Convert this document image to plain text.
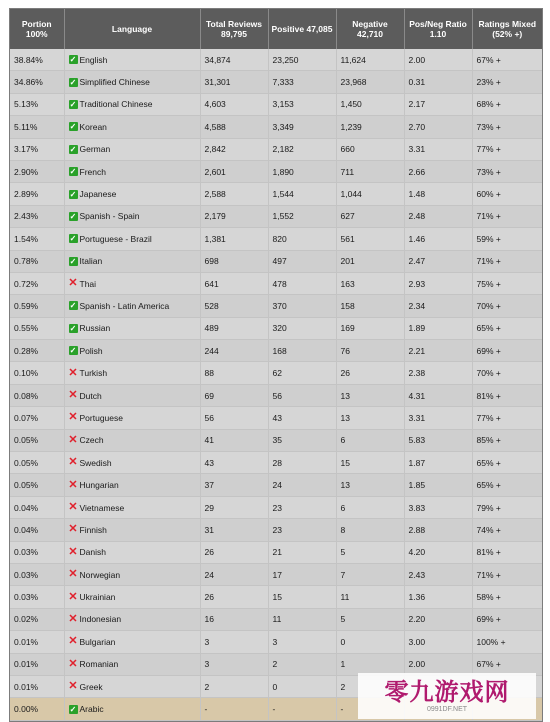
Portion 100%	Language	Total Reviews 89,795	Positive 47,085	Negative 42,710	Pos/Neg Ratio 1.10	Ratings Mixed (52% +)
38.84%	✓ English	34,874	23,250	11,624	2.00	67% +
34.86%	✓ Simplified Chinese	31,301	7,333	23,968	0.31	23% +
5.13%	✓ Traditional Chinese	4,603	3,153	1,450	2.17	68% +
5.11%	✓ Korean	4,588	3,349	1,239	2.70	73% +
3.17%	✓ German	2,842	2,182	660	3.31	77% +
2.90%	✓ French	2,601	1,890	711	2.66	73% +
2.89%	✓ Japanese	2,588	1,544	1,044	1.48	60% +
2.43%	✓ Spanish - Spain	2,179	1,552	627	2.48	71% +
1.54%	✓ Portuguese - Brazil	1,381	820	561	1.46	59% +
0.78%	✓ Italian	698	497	201	2.47	71% +
0.72%	✕ Thai	641	478	163	2.93	75% +
0.59%	✓ Spanish - Latin America	528	370	158	2.34	70% +
0.55%	✓ Russian	489	320	169	1.89	65% +
0.28%	✓ Polish	244	168	76	2.21	69% +
0.10%	✕ Turkish	88	62	26	2.38	70% +
0.08%	✕ Dutch	69	56	13	4.31	81% +
0.07%	✕ Portuguese	56	43	13	3.31	77% +
0.05%	✕ Czech	41	35	6	5.83	85% +
0.05%	✕ Swedish	43	28	15	1.87	65% +
0.05%	✕ Hungarian	37	24	13	1.85	65% +
0.04%	✕ Vietnamese	29	23	6	3.83	79% +
0.04%	✕ Finnish	31	23	8	2.88	74% +
0.03%	✕ Danish	26	21	5	4.20	81% +
0.03%	✕ Norwegian	24	17	7	2.43	71% +
0.03%	✕ Ukrainian	26	15	11	1.36	58% +
0.02%	✕ Indonesian	16	11	5	2.20	69% +
0.01%	✕ Bulgarian	3	3	0	3.00	100% +
0.01%	✕ Romanian	3	2	1	2.00	67% +
0.01%	✕ Greek	2	0	2		
0.00%	✓ Arabic	-	-	-		
零九游戏网
0991DF.NET
